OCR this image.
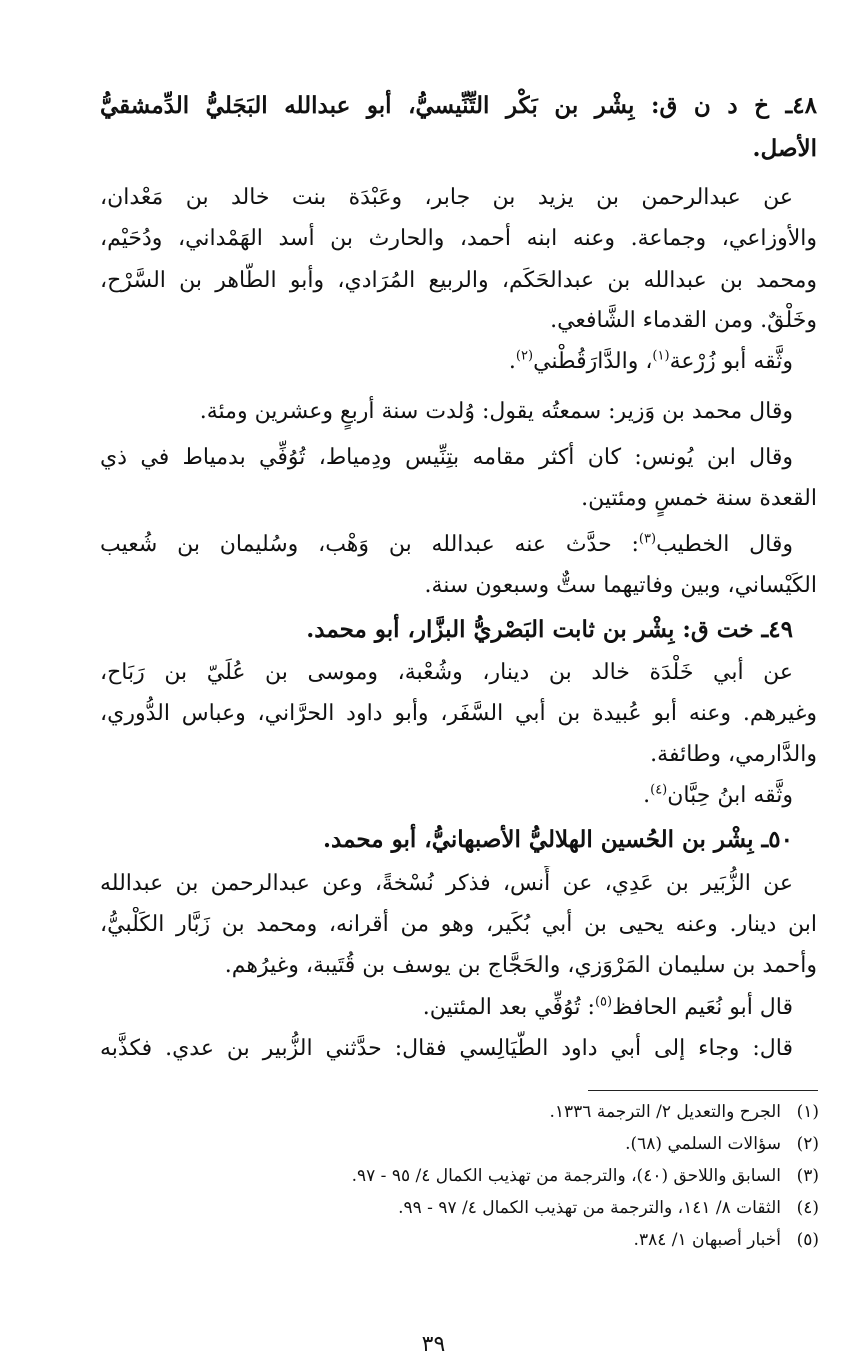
٤٨ـ خ د ن ق: بِشْر بن بَكْر التِّنِّيسيُّ، أبو عبدالله البَجَليُّ الدِّمشقيُّ
الأصل.
عن عبدالرحمن بن يزيد بن جابر، وعَبْدَة بنت خالد بن مَعْدان،
والأوزاعي، وجماعة. وعنه ابنه أحمد، والحارث بن أسد الهَمْداني، ودُحَيْم،
ومحمد بن عبدالله بن عبدالحَكَم، والربيع المُرَادي، وأبو الطَّاهر بن السَّرْح،
وخَلْقٌ. ومن القدماء الشَّافعي.
وثَّقه أبو زُرْعة$^{(١)}$، والدَّارَقُطْني$^{(٢)}$.
وقال محمد بن وَزير: سمعتُه يقول: وُلدت سنة أربعٍ وعشرين ومئة.
وقال ابن يُونس: كان أكثر مقامه بتِنِّيس ودِمياط، تُوُفِّي بدمياط في ذي
القعدة سنة خمسٍ ومئتين.
وقال الخطيب$^{(٣)}$: حدَّث عنه عبدالله بن وَهْب، وسُليمان بن شُعيب
الكَيْساني، وبين وفاتيهما ستٌّ وسبعون سنة.
٤٩ـ خت ق: بِشْر بن ثابت البَصْريُّ البزَّار، أبو محمد.
عن أبي خَلْدَة خالد بن دينار، وشُعْبة، وموسى بن عُلَيّ بن رَبَاح،
وغيرهم. وعنه أبو عُبيدة بن أبي السَّفَر، وأبو داود الحرَّاني، وعباس الدُّوري،
والدَّارمي، وطائفة.
وثَّقه ابنُ حِبَّان$^{(٤)}$.
٥٠ـ بِشْر بن الحُسين الهلاليُّ الأصبهانيُّ، أبو محمد.
عن الزُّبَير بن عَدِي، عن أَنس، فذكر نُسْخةً، وعن عبدالرحمن بن عبدالله
ابن دينار. وعنه يحيى بن أبي بُكَير، وهو من أقرانه، ومحمد بن زَبَّار الكَلْبيُّ،
وأحمد بن سليمان المَرْوَزي، والحَجَّاج بن يوسف بن قُتَيبة، وغيرُهم.
قال أبو نُعَيم الحافظ$^{(٥)}$: تُوُفِّي بعد المئتين.
قال: وجاء إلى أبي داود الطَّيَالِسي فقال: حدَّثني الزُّبير بن عدي. فكذَّبه
(١)الجرح والتعديل ٢/ الترجمة ١٣٣٦.
(٢)سؤالات السلمي (٦٨).
(٣)السابق واللاحق (٤٠)، والترجمة من تهذيب الكمال ٤/ ٩٥ - ٩٧.
(٤)الثقات ٨/ ١٤١، والترجمة من تهذيب الكمال ٤/ ٩٧ - ٩٩.
(٥)أخبار أصبهان ١/ ٣٨٤.
٣٩
